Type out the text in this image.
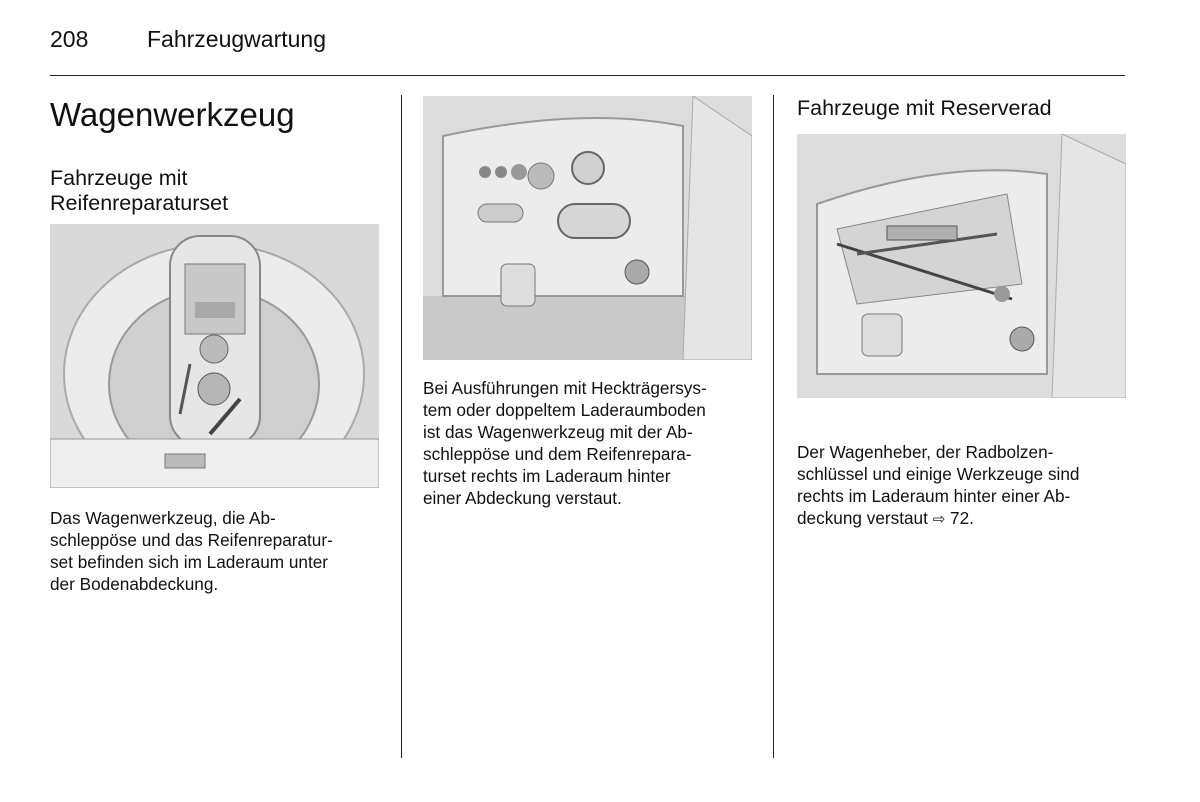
208	Fahrzeugwartung
Wagenwerkzeug
Fahrzeuge mit
Reifenreparaturset

Das Wagenwerkzeug, die Ab-

schleppöse und das Reifenreparatur-

set befinden sich im Laderaum unter

der Bodenabdeckung.

Bei Ausführungen mit Heckträgersys-

tem oder doppeltem Laderaumboden

ist das Wagenwerkzeug mit der Ab-

schleppöse und dem Reifenrepara-

turset rechts im Laderaum hinter

einer Abdeckung verstaut.

Fahrzeuge mit Reserverad

Der Wagenheber, der Radbolzen-

schlüssel und einige Werkzeuge sind

rechts im Laderaum hinter einer Ab-

deckung verstaut ⇨ 72.
